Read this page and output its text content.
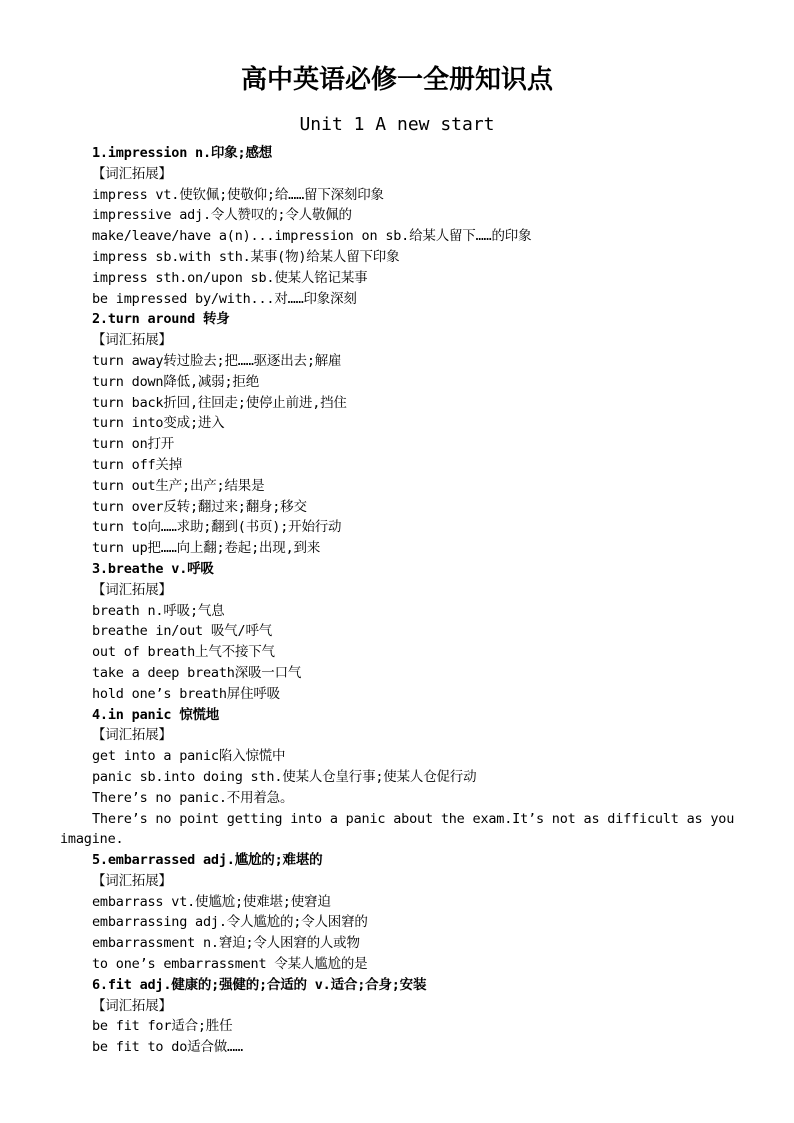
高中英语必修一全册知识点
Unit 1 A new start
1.impression n.印象;感想
【词汇拓展】
impress vt.使钦佩;使敬仰;给……留下深刻印象
impressive adj.令人赞叹的;令人敬佩的
make/leave/have a(n)...impression on sb.给某人留下……的印象
impress sb.with sth.某事(物)给某人留下印象
impress sth.on/upon sb.使某人铭记某事
be impressed by/with...对……印象深刻
2.turn around 转身
【词汇拓展】
turn away转过脸去;把……驱逐出去;解雇
turn down降低,减弱;拒绝
turn back折回,往回走;使停止前进,挡住
turn into变成;进入
turn on打开
turn off关掉
turn out生产;出产;结果是
turn over反转;翻过来;翻身;移交
turn to向……求助;翻到(书页);开始行动
turn up把……向上翻;卷起;出现,到来
3.breathe v.呼吸
【词汇拓展】
breath n.呼吸;气息
breathe in/out 吸气/呼气
out of breath上气不接下气
take a deep breath深吸一口气
hold one’s breath屏住呼吸
4.in panic 惊慌地
【词汇拓展】
get into a panic陷入惊慌中
panic sb.into doing sth.使某人仓皇行事;使某人仓促行动
There’s no panic.不用着急。
There’s no point getting into a panic about the exam.It’s not as difficult as you imagine.
5.embarrassed adj.尴尬的;难堪的
【词汇拓展】
embarrass vt.使尴尬;使难堪;使窘迫
embarrassing adj.令人尴尬的;令人困窘的
embarrassment n.窘迫;令人困窘的人或物
to one’s embarrassment 令某人尴尬的是
6.fit adj.健康的;强健的;合适的 v.适合;合身;安装
【词汇拓展】
be fit for适合;胜任
be fit to do适合做……
